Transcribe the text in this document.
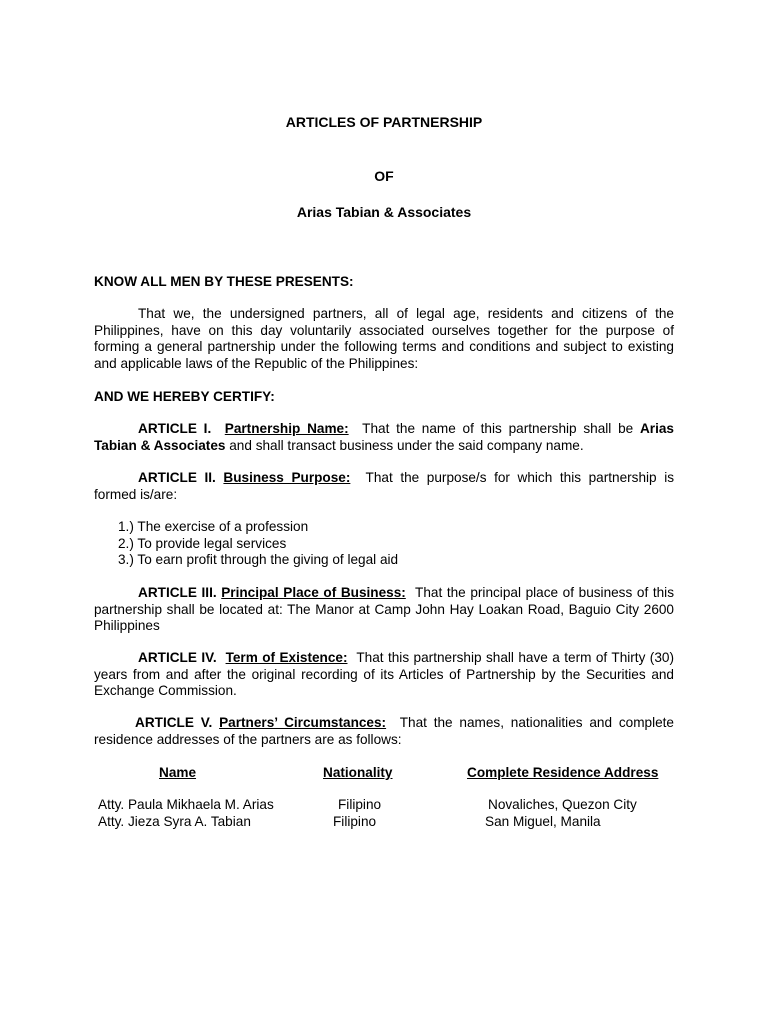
ARTICLES OF PARTNERSHIP
OF
Arias Tabian & Associates
KNOW ALL MEN BY THESE PRESENTS:
That we, the undersigned partners, all of legal age, residents and citizens of the Philippines, have on this day voluntarily associated ourselves together for the purpose of forming a general partnership under the following terms and conditions and subject to existing and applicable laws of the Republic of the Philippines:
AND WE HEREBY CERTIFY:
ARTICLE I. Partnership Name: That the name of this partnership shall be Arias Tabian & Associates and shall transact business under the said company name.
ARTICLE II. Business Purpose: That the purpose/s for which this partnership is formed is/are:
1.) The exercise of a profession
2.) To provide legal services
3.) To earn profit through the giving of legal aid
ARTICLE III. Principal Place of Business: That the principal place of business of this partnership shall be located at: The Manor at Camp John Hay Loakan Road, Baguio City 2600 Philippines
ARTICLE IV. Term of Existence: That this partnership shall have a term of Thirty (30) years from and after the original recording of its Articles of Partnership by the Securities and Exchange Commission.
ARTICLE V. Partners’ Circumstances: That the names, nationalities and complete residence addresses of the partners are as follows:
Name	Nationality	Complete Residence Address
Atty. Paula Mikhaela M. Arias	Filipino	Novaliches, Quezon City
Atty. Jieza Syra A. Tabian	Filipino	San Miguel, Manila
